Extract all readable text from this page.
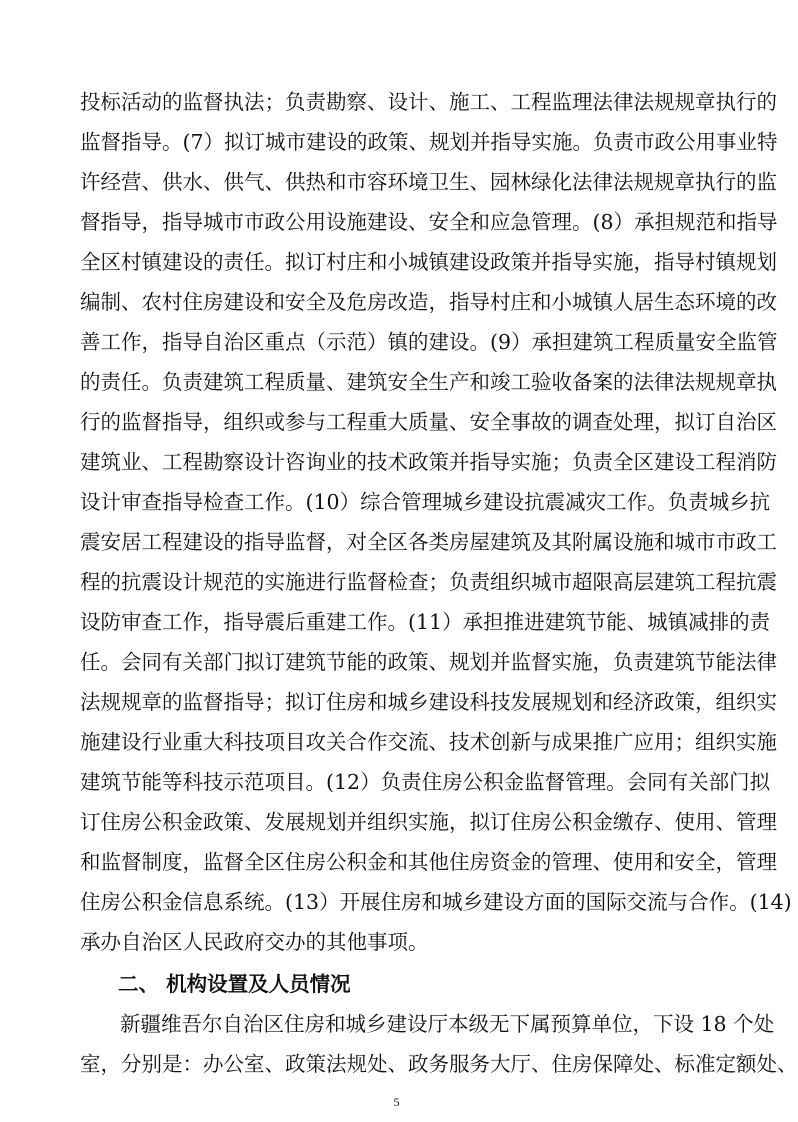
投标活动的监督执法；负责勘察、设计、施工、工程监理法律法规规章执行的
监督指导。(7）拟订城市建设的政策、规划并指导实施。负责市政公用事业特
许经营、供水、供气、供热和市容环境卫生、园林绿化法律法规规章执行的监
督指导，指导城市市政公用设施建设、安全和应急管理。(8）承担规范和指导
全区村镇建设的责任。拟订村庄和小城镇建设政策并指导实施，指导村镇规划
编制、农村住房建设和安全及危房改造，指导村庄和小城镇人居生态环境的改
善工作，指导自治区重点（示范）镇的建设。(9）承担建筑工程质量安全监管
的责任。负责建筑工程质量、建筑安全生产和竣工验收备案的法律法规规章执
行的监督指导，组织或参与工程重大质量、安全事故的调查处理，拟订自治区
建筑业、工程勘察设计咨询业的技术政策并指导实施；负责全区建设工程消防
设计审查指导检查工作。(10）综合管理城乡建设抗震减灾工作。负责城乡抗
震安居工程建设的指导监督，对全区各类房屋建筑及其附属设施和城市市政工
程的抗震设计规范的实施进行监督检查；负责组织城市超限高层建筑工程抗震
设防审查工作，指导震后重建工作。(11）承担推进建筑节能、城镇减排的责
任。会同有关部门拟订建筑节能的政策、规划并监督实施，负责建筑节能法律
法规规章的监督指导；拟订住房和城乡建设科技发展规划和经济政策，组织实
施建设行业重大科技项目攻关合作交流、技术创新与成果推广应用；组织实施
建筑节能等科技示范项目。(12）负责住房公积金监督管理。会同有关部门拟
订住房公积金政策、发展规划并组织实施，拟订住房公积金缴存、使用、管理
和监督制度，监督全区住房公积金和其他住房资金的管理、使用和安全，管理
住房公积金信息系统。(13）开展住房和城乡建设方面的国际交流与合作。(14)
承办自治区人民政府交办的其他事项。
二、 机构设置及人员情况
新疆维吾尔自治区住房和城乡建设厅本级无下属预算单位，下设 18 个处
室，分别是：办公室、政策法规处、政务服务大厅、住房保障处、标准定额处、
5
